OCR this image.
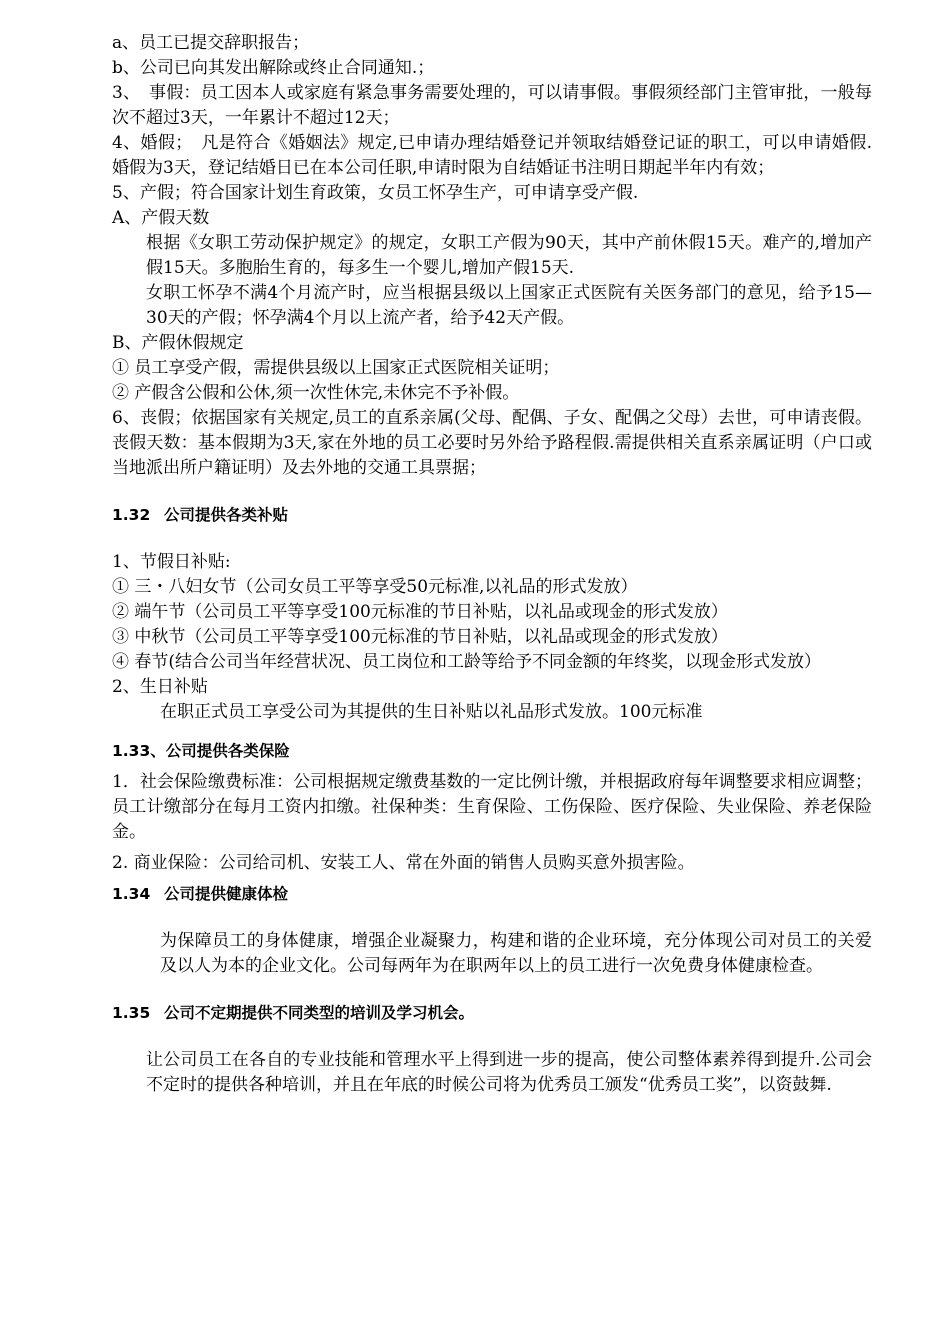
a、员工已提交辞职报告；

b、公司已向其发出解除或终止合同通知.；

3、　事假：员工因本人或家庭有紧急事务需要处理的，可以请事假。事假须经部门主管审批，一般每次不超过3天，一年累计不超过12天；

4、婚假；　凡是符合《婚姻法》规定,已申请办理结婚登记并领取结婚登记证的职工，可以申请婚假.婚假为3天，登记结婚日已在本公司任职,申请时限为自结婚证书注明日期起半年内有效；

5、产假；符合国家计划生育政策，女员工怀孕生产，可申请享受产假.

A、产假天数

根据《女职工劳动保护规定》的规定，女职工产假为90天，其中产前休假15天。难产的,增加产假15天。多胞胎生育的，每多生一个婴儿,增加产假15天.

女职工怀孕不满4个月流产时，应当根据县级以上国家正式医院有关医务部门的意见，给予15—30天的产假；怀孕满4个月以上流产者，给予42天产假。

B、产假休假规定

① 员工享受产假，需提供县级以上国家正式医院相关证明；

② 产假含公假和公休,须一次性休完,未休完不予补假。

6、丧假；依据国家有关规定,员工的直系亲属(父母、配偶、子女、配偶之父母）去世，可申请丧假。丧假天数：基本假期为3天,家在外地的员工必要时另外给予路程假.需提供相关直系亲属证明（户口或当地派出所户籍证明）及去外地的交通工具票据；

1.32 公司提供各类补贴

1、节假日补贴:

① 三・八妇女节（公司女员工平等享受50元标准,以礼品的形式发放）

② 端午节（公司员工平等享受100元标准的节日补贴，以礼品或现金的形式发放）

③ 中秋节（公司员工平等享受100元标准的节日补贴，以礼品或现金的形式发放）

④ 春节(结合公司当年经营状况、员工岗位和工龄等给予不同金额的年终奖，以现金形式发放）

2、生日补贴

在职正式员工享受公司为其提供的生日补贴以礼品形式发放。100元标准

1.33、公司提供各类保险

1．社会保险缴费标准：公司根据规定缴费基数的一定比例计缴，并根据政府每年调整要求相应调整；员工计缴部分在每月工资内扣缴。社保种类：生育保险、工伤保险、医疗保险、失业保险、养老保险金。

2. 商业保险：公司给司机、安装工人、常在外面的销售人员购买意外损害险。

1.34 公司提供健康体检

为保障员工的身体健康，增强企业凝聚力，构建和谐的企业环境，充分体现公司对员工的关爱及以人为本的企业文化。公司每两年为在职两年以上的员工进行一次免费身体健康检查。

1.35 公司不定期提供不同类型的培训及学习机会。

让公司员工在各自的专业技能和管理水平上得到进一步的提高，使公司整体素养得到提升.公司会不定时的提供各种培训，并且在年底的时候公司将为优秀员工颁发“优秀员工奖”，以资鼓舞.
